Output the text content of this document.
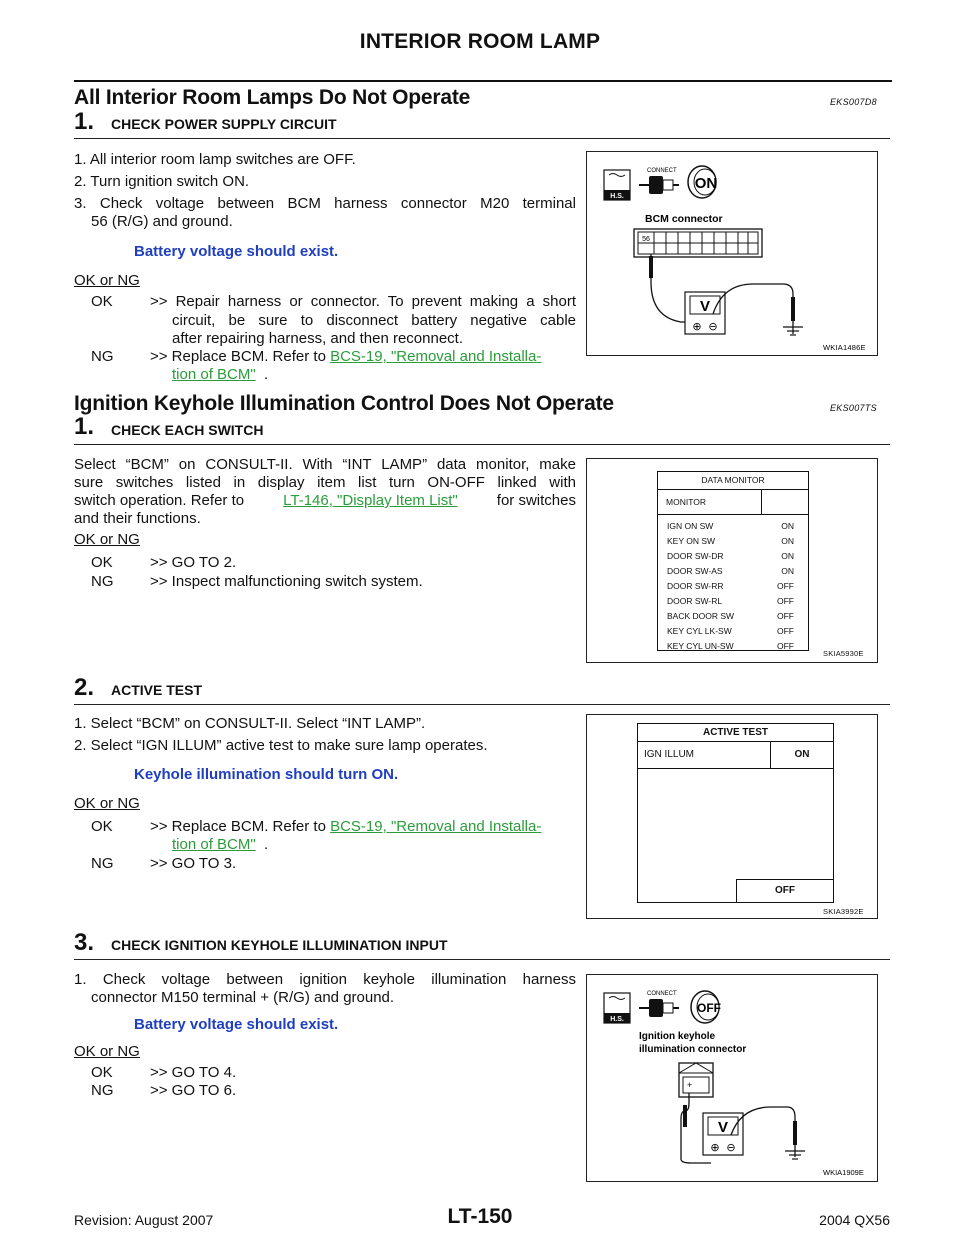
INTERIOR ROOM LAMP
All Interior Room Lamps Do Not Operate	EKS007D8
1. CHECK POWER SUPPLY CIRCUIT
1. All interior room lamp switches are OFF.
2. Turn ignition switch ON.
3. Check voltage between BCM harness connector M20 terminal
56 (R/G) and ground.
Battery voltage should exist.
OK or NG
OK >> Repair harness or connector. To prevent making a short
circuit, be sure to disconnect battery negative cable
after repairing harness, and then reconnect.
NG >> Replace BCM. Refer to BCS-19, "Removal and Installa-
tion of BCM" .
H.S.
CONNECT
ON
BCM connector
56
V
⊕ ⊖
WKIA1486E
Ignition Keyhole Illumination Control Does Not Operate	EKS007TS
1. CHECK EACH SWITCH
Select “BCM” on CONSULT-II. With “INT LAMP” data monitor, make
sure switches listed in display item list turn ON-OFF linked with
switch operation. Refer to	LT-146, "Display Item List"	for switches
and their functions.
OK or NG
OK >> GO TO 2.
NG >> Inspect malfunctioning switch system.
DATA MONITOR
MONITOR
IGN ON SW	ON
KEY ON SW	ON
DOOR SW-DR	ON
DOOR SW-AS	ON
DOOR SW-RR	OFF
DOOR SW-RL	OFF
BACK DOOR SW	OFF
KEY CYL LK-SW	OFF
KEY CYL UN-SW	OFF
SKIA5930E
2. ACTIVE TEST
1. Select “BCM” on CONSULT-II. Select “INT LAMP”.
2. Select “IGN ILLUM” active test to make sure lamp operates.
Keyhole illumination should turn ON.
OK or NG
OK >> Replace BCM. Refer to BCS-19, "Removal and Installa-
tion of BCM" .
NG >> GO TO 3.
ACTIVE TEST
IGN ILLUM	ON
OFF
SKIA3992E
3. CHECK IGNITION KEYHOLE ILLUMINATION INPUT
1. Check voltage between ignition keyhole illumination harness
connector M150 terminal + (R/G) and ground.
Battery voltage should exist.
OK or NG
OK >> GO TO 4.
NG >> GO TO 6.
H.S.
CONNECT
OFF
Ignition keyhole
illumination connector
+
V
⊕ ⊖
WKIA1909E
Revision: August 2007	LT-150	2004 QX56
